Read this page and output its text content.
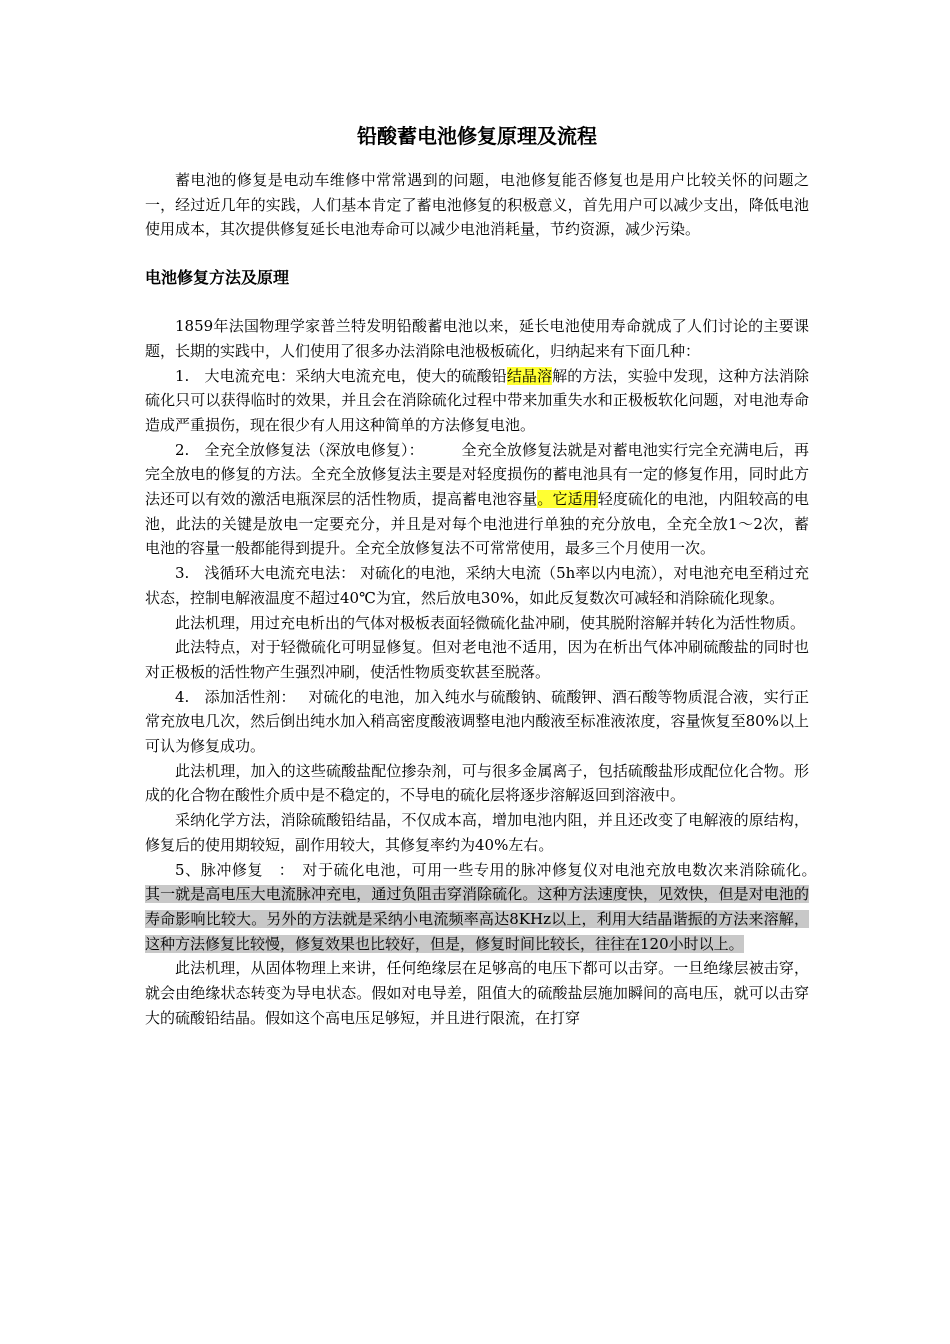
铅酸蓄电池修复原理及流程

蓄电池的修复是电动车维修中常常遇到的问题，电池修复能否修复也是用户比较关怀的问题之一，经过近几年的实践，人们基本肯定了蓄电池修复的积极意义，首先用户可以减少支出，降低电池使用成本，其次提供修复延长电池寿命可以减少电池消耗量，节约资源，减少污染。

电池修复方法及原理

1859年法国物理学家普兰特发明铅酸蓄电池以来，延长电池使用寿命就成了人们讨论的主要课题，长期的实践中，人们使用了很多办法消除电池极板硫化，归纳起来有下面几种：

1.　大电流充电：采纳大电流充电，使大的硫酸铅结晶溶解的方法，实验中发现，这种方法消除硫化只可以获得临时的效果，并且会在消除硫化过程中带来加重失水和正极板软化问题，对电池寿命造成严重损伤，现在很少有人用这种简单的方法修复电池。

2.　全充全放修复法（深放电修复）：　　　全充全放修复法就是对蓄电池实行完全充满电后，再完全放电的修复的方法。全充全放修复法主要是对轻度损伤的蓄电池具有一定的修复作用，同时此方法还可以有效的激活电瓶深层的活性物质，提高蓄电池容量。它适用轻度硫化的电池，内阻较高的电池，此法的关键是放电一定要充分，并且是对每个电池进行单独的充分放电，全充全放1～2次，蓄电池的容量一般都能得到提升。全充全放修复法不可常常使用，最多三个月使用一次。

3.　浅循环大电流充电法： 对硫化的电池，采纳大电流（5h率以内电流），对电池充电至稍过充状态，控制电解液温度不超过40℃为宜，然后放电30%，如此反复数次可减轻和消除硫化现象。

此法机理，用过充电析出的气体对极板表面轻微硫化盐冲刷，使其脱附溶解并转化为活性物质。

此法特点，对于轻微硫化可明显修复。但对老电池不适用，因为在析出气体冲刷硫酸盐的同时也对正极板的活性物产生强烈冲刷，使活性物质变软甚至脱落。

4.　添加活性剂：　 对硫化的电池，加入纯水与硫酸钠、硫酸钾、酒石酸等物质混合液，实行正常充放电几次，然后倒出纯水加入稍高密度酸液调整电池内酸液至标准液浓度，容量恢复至80%以上可认为修复成功。

此法机理，加入的这些硫酸盐配位掺杂剂，可与很多金属离子，包括硫酸盐形成配位化合物。形成的化合物在酸性介质中是不稳定的，不导电的硫化层将逐步溶解返回到溶液中。

采纳化学方法，消除硫酸铅结晶，不仅成本高，增加电池内阻，并且还改变了电解液的原结构，修复后的使用期较短，副作用较大，其修复率约为40%左右。

5、脉冲修复　：　对于硫化电池，可用一些专用的脉冲修复仪对电池充放电数次来消除硫化。　其一就是高电压大电流脉冲充电，通过负阻击穿消除硫化。这种方法速度快，见效快，但是对电池的寿命影响比较大。另外的方法就是采纳小电流频率高达8KHz以上，利用大结晶谐振的方法来溶解，这种方法修复比较慢，修复效果也比较好，但是，修复时间比较长，往往在120小时以上。

此法机理，从固体物理上来讲，任何绝缘层在足够高的电压下都可以击穿。一旦绝缘层被击穿，就会由绝缘状态转变为导电状态。假如对电导差，阻值大的硫酸盐层施加瞬间的高电压，就可以击穿大的硫酸铅结晶。假如这个高电压足够短，并且进行限流，在打穿
